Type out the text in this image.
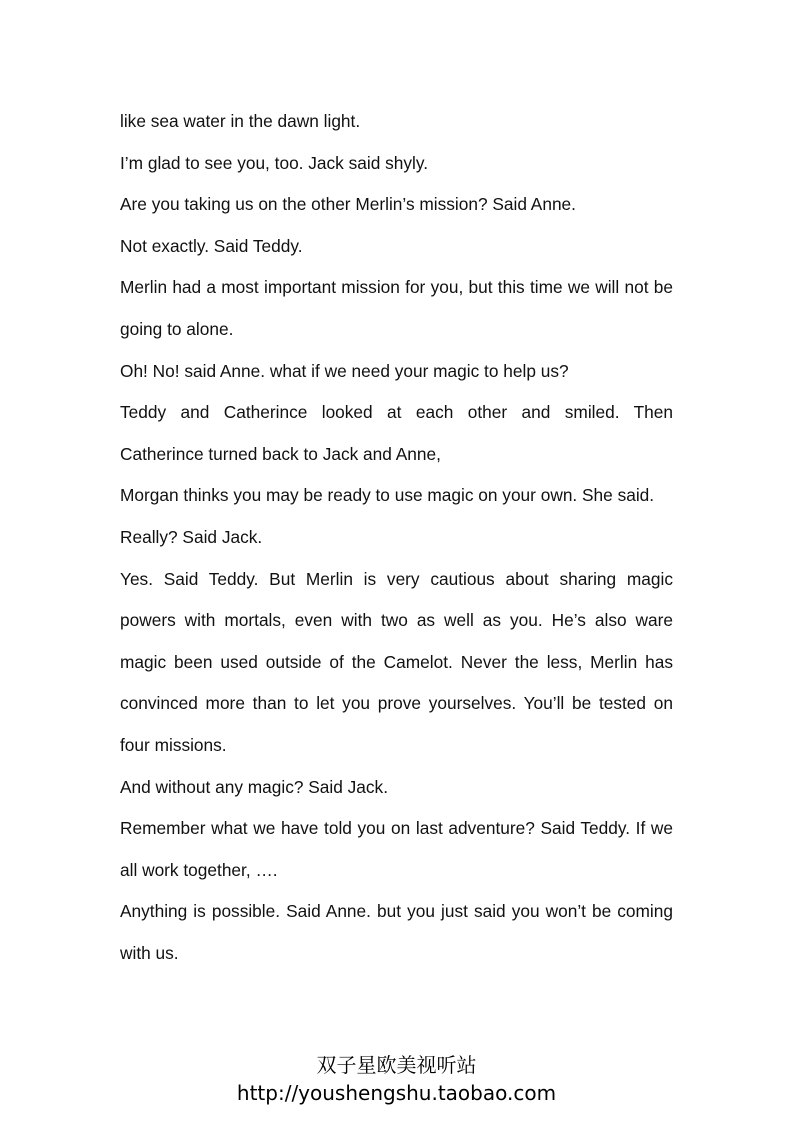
like sea water in the dawn light.

I’m glad to see you, too. Jack said shyly.

Are you taking us on the other Merlin’s mission? Said Anne.

Not exactly. Said Teddy.

Merlin had a most important mission for you, but this time we will not be going to alone.

Oh! No! said Anne. what if we need your magic to help us?

Teddy and Catherince looked at each other and smiled. Then Catherince turned back to Jack and Anne,

Morgan thinks you may be ready to use magic on your own. She said.

Really? Said Jack.

Yes. Said Teddy. But Merlin is very cautious about sharing magic powers with mortals, even with two as well as you. He’s also ware magic been used outside of the Camelot. Never the less, Merlin has convinced more than to let you prove yourselves. You’ll be tested on four missions.

And without any magic? Said Jack.

Remember what we have told you on last adventure? Said Teddy. If we all work together, ….

Anything is possible. Said Anne. but you just said you won’t be coming with us.

双子星欧美视听站
http://youshengshu.taobao.com
